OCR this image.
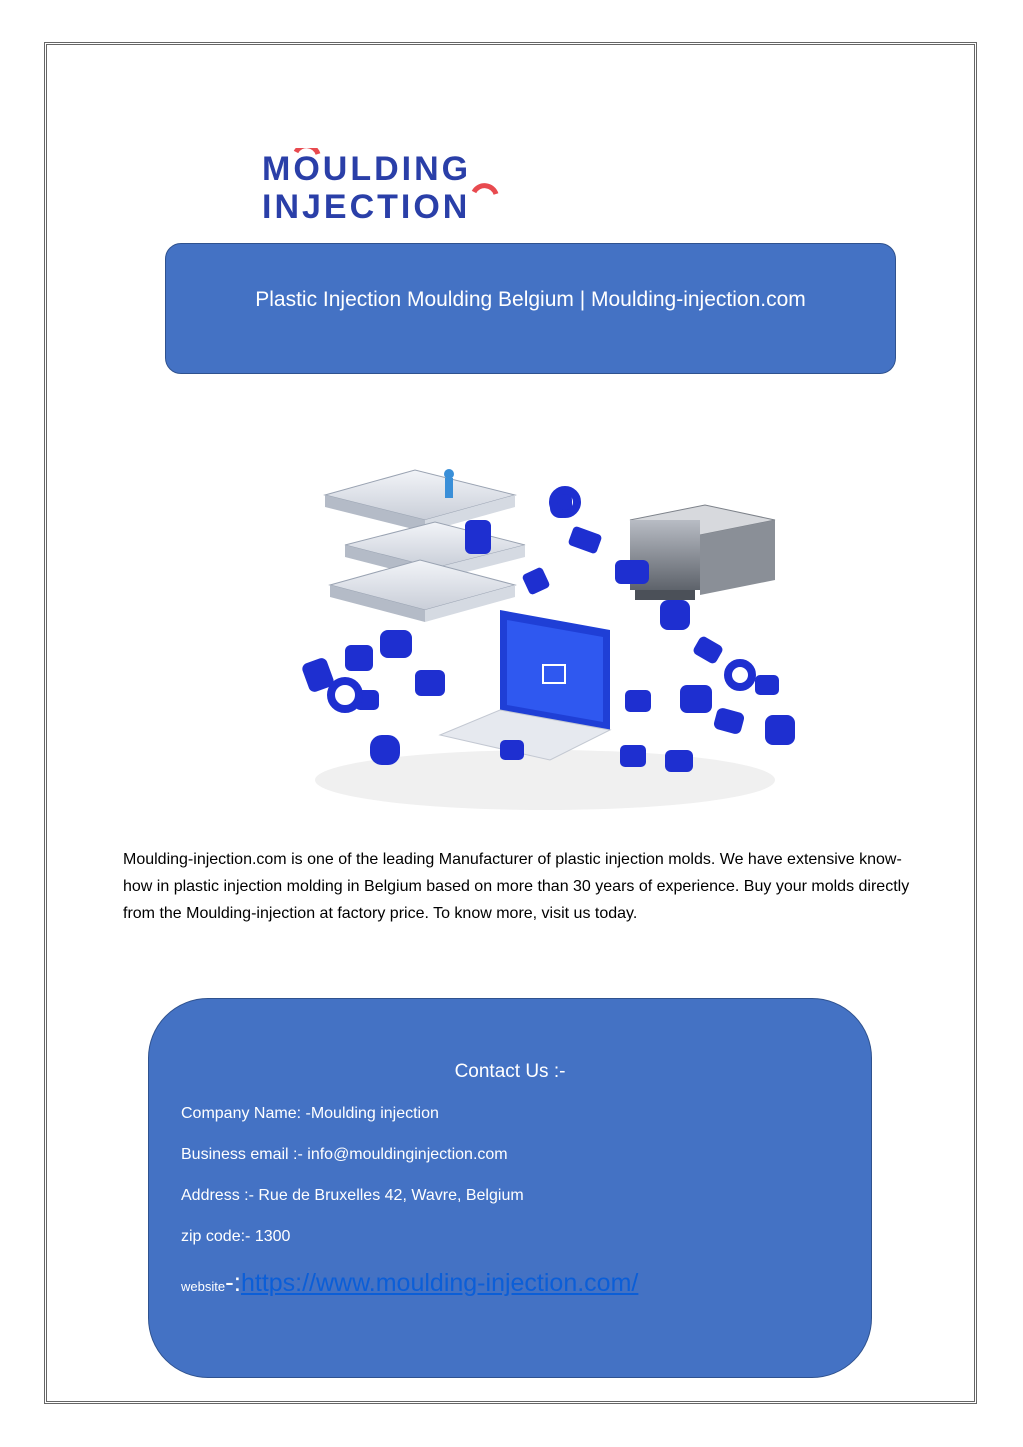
MOULDING
INJECTION
Plastic Injection Moulding Belgium | Moulding-injection.com

Moulding-injection.com is one of the leading Manufacturer of plastic injection molds. We have extensive know-how in plastic injection molding in Belgium based on more than 30 years of experience. Buy your molds directly from the Moulding-injection at factory price. To know more, visit us today.

Contact Us :-
Company Name: -Moulding injection
Business email :- info@mouldinginjection.com
Address :- Rue de Bruxelles 42, Wavre, Belgium
zip code:- 1300
website -: https://www.moulding-injection.com/
